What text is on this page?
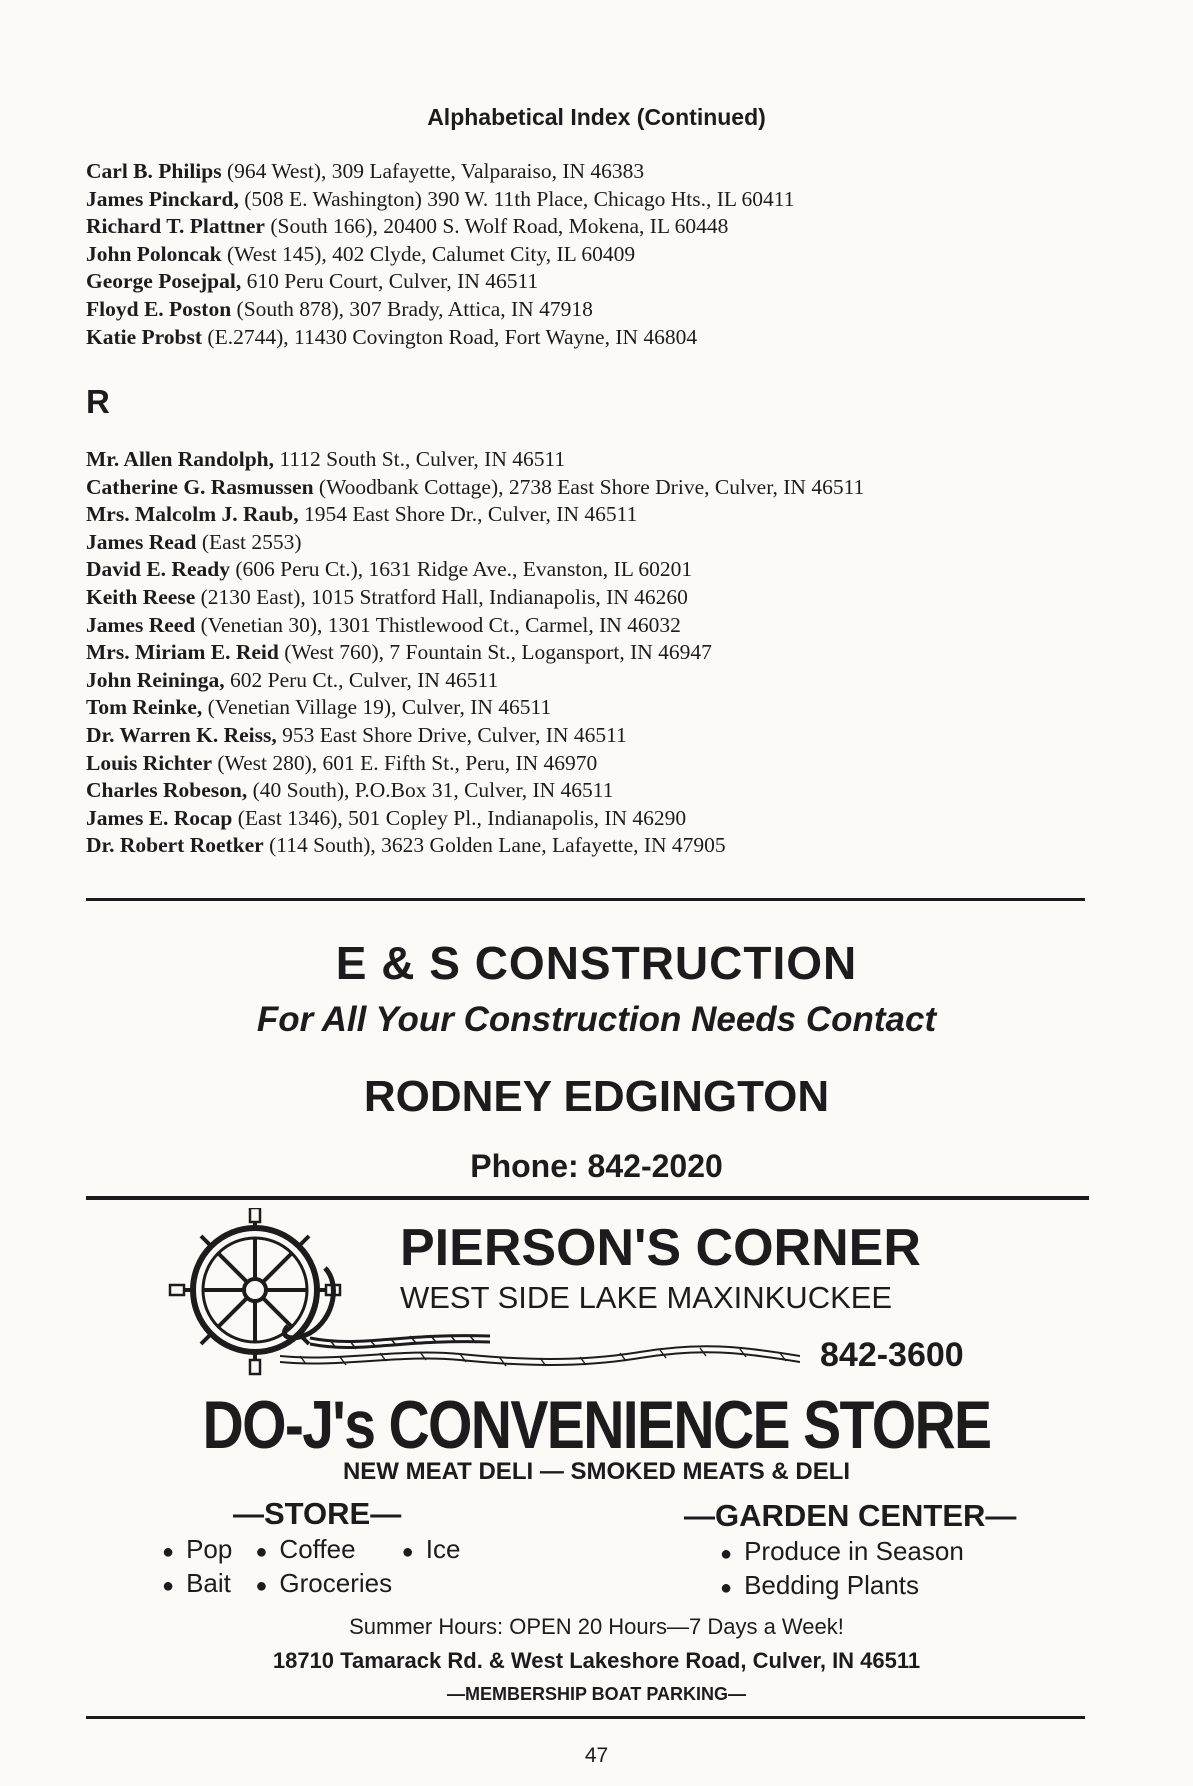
Alphabetical Index (Continued)
Carl B. Philips (964 West), 309 Lafayette, Valparaiso, IN 46383
James Pinckard, (508 E. Washington) 390 W. 11th Place, Chicago Hts., IL 60411
Richard T. Plattner (South 166), 20400 S. Wolf Road, Mokena, IL 60448
John Poloncak (West 145), 402 Clyde, Calumet City, IL 60409
George Posejpal, 610 Peru Court, Culver, IN 46511
Floyd E. Poston (South 878), 307 Brady, Attica, IN 47918
Katie Probst (E.2744), 11430 Covington Road, Fort Wayne, IN 46804
R
Mr. Allen Randolph, 1112 South St., Culver, IN 46511
Catherine G. Rasmussen (Woodbank Cottage), 2738 East Shore Drive, Culver, IN 46511
Mrs. Malcolm J. Raub, 1954 East Shore Dr., Culver, IN 46511
James Read (East 2553)
David E. Ready (606 Peru Ct.), 1631 Ridge Ave., Evanston, IL 60201
Keith Reese (2130 East), 1015 Stratford Hall, Indianapolis, IN 46260
James Reed (Venetian 30), 1301 Thistlewood Ct., Carmel, IN 46032
Mrs. Miriam E. Reid (West 760), 7 Fountain St., Logansport, IN 46947
John Reininga, 602 Peru Ct., Culver, IN 46511
Tom Reinke, (Venetian Village 19), Culver, IN 46511
Dr. Warren K. Reiss, 953 East Shore Drive, Culver, IN 46511
Louis Richter (West 280), 601 E. Fifth St., Peru, IN 46970
Charles Robeson, (40 South), P.O.Box 31, Culver, IN 46511
James E. Rocap (East 1346), 501 Copley Pl., Indianapolis, IN 46290
Dr. Robert Roetker (114 South), 3623 Golden Lane, Lafayette, IN 47905
E & S CONSTRUCTION
For All Your Construction Needs Contact
RODNEY EDGINGTON
Phone: 842-2020
PIERSON'S CORNER
WEST SIDE LAKE MAXINKUCKEE
842-3600
DO-J's CONVENIENCE STORE
NEW MEAT DELI — SMOKED MEATS & DELI
—STORE—
● Pop ● Coffee ● Ice
● Bait ● Groceries
—GARDEN CENTER—
● Produce in Season
● Bedding Plants
Summer Hours: OPEN 20 Hours—7 Days a Week!
18710 Tamarack Rd. & West Lakeshore Road, Culver, IN 46511
—MEMBERSHIP BOAT PARKING—
47
